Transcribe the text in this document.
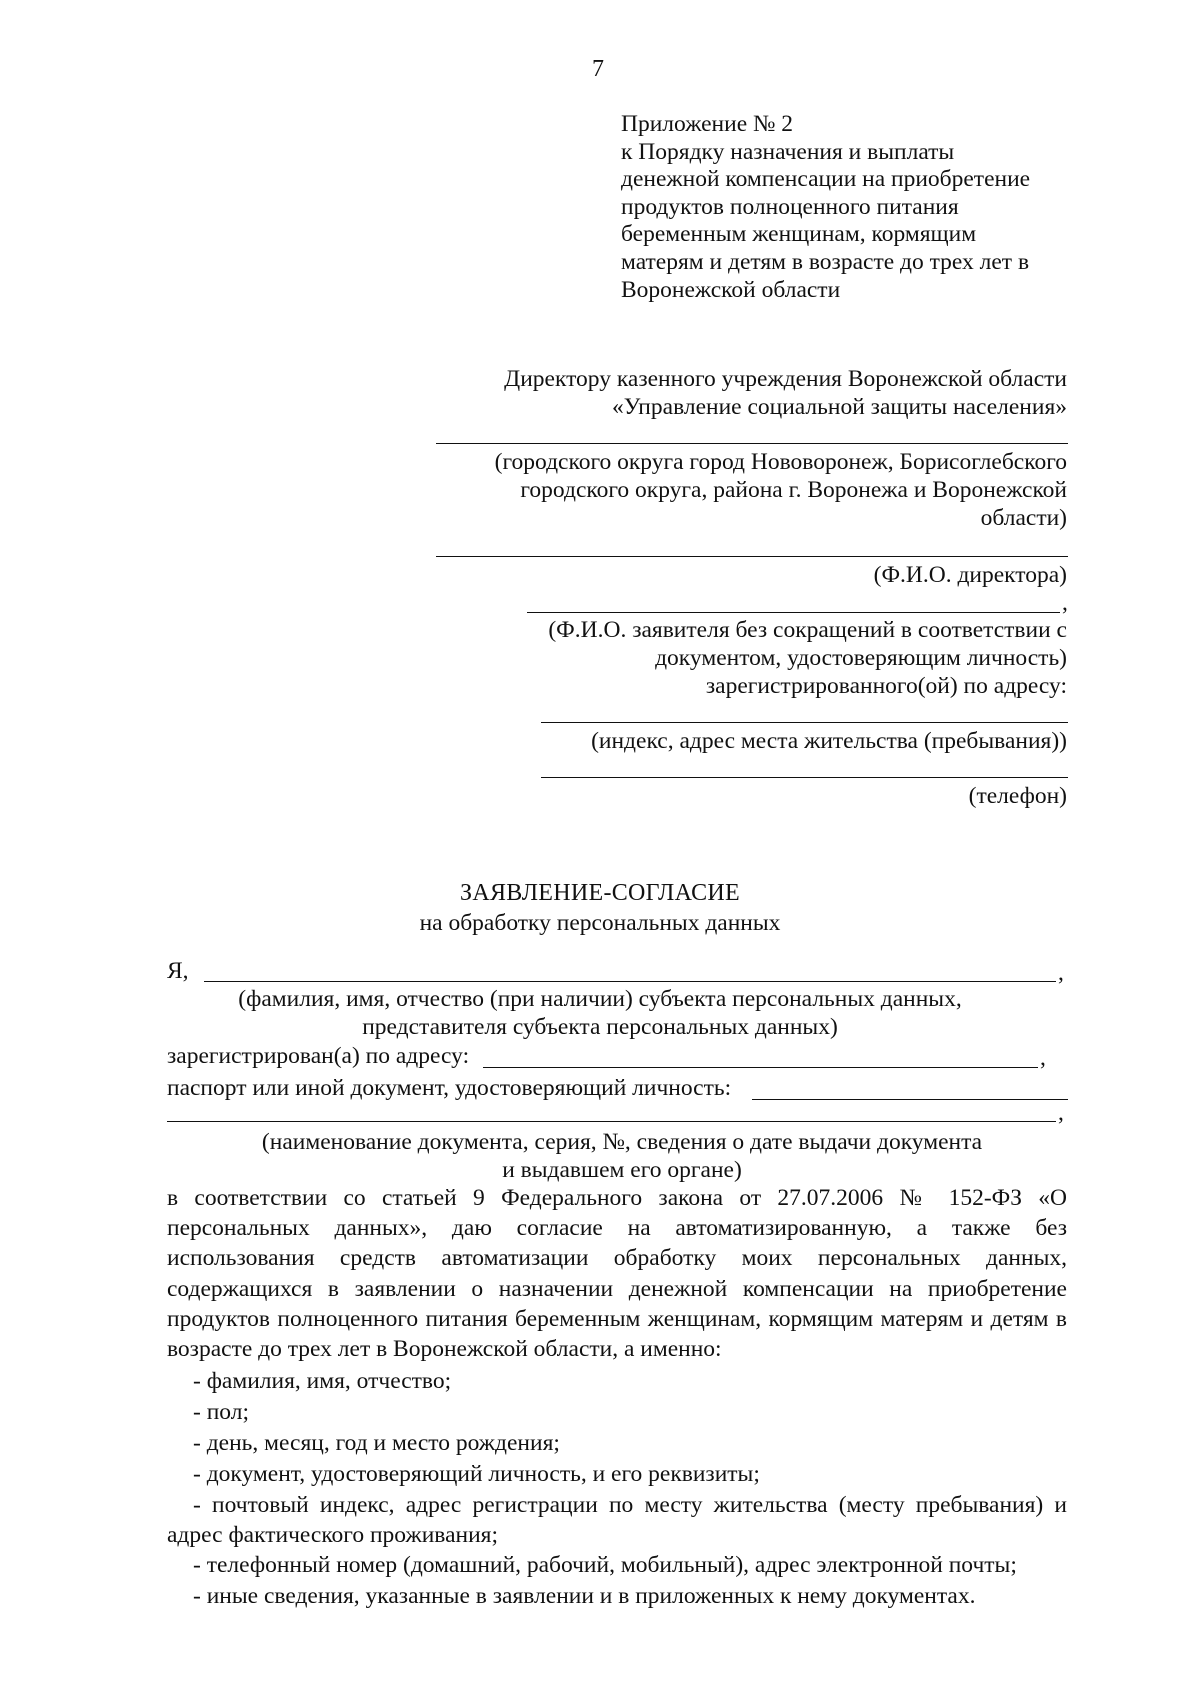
7
Приложение № 2
к Порядку назначения и выплаты
денежной компенсации на приобретение
продуктов полноценного питания
беременным женщинам, кормящим
матерям и детям в возрасте до трех лет в
Воронежской области
Директору казенного учреждения Воронежской области
«Управление социальной защиты населения»
(городского округа город Нововоронеж, Борисоглебского
городского округа, района г. Воронежа и Воронежской
области)
(Ф.И.О. директора)
,
(Ф.И.О. заявителя без сокращений в соответствии с
документом, удостоверяющим личность)
зарегистрированного(ой) по адресу:
(индекс, адрес места жительства (пребывания))
(телефон)
ЗАЯВЛЕНИЕ-СОГЛАСИЕ
на обработку персональных данных
Я,	,
(фамилия, имя, отчество (при наличии) субъекта персональных данных,
представителя субъекта персональных данных)
зарегистрирован(а) по адресу:	,
паспорт или иной документ, удостоверяющий личность:
,
(наименование документа, серия, №, сведения о дате выдачи документа
и выдавшем его органе)

в соответствии со статьей 9 Федерального закона от 27.07.2006 № 152-ФЗ «О персональных данных», даю согласие на автоматизированную, а также без использования средств автоматизации обработку моих персональных данных, содержащихся в заявлении о назначении денежной компенсации на приобретение продуктов полноценного питания беременным женщинам, кормящим матерям и детям в возрасте до трех лет в Воронежской области, а именно:

- фамилия, имя, отчество;
- пол;
- день, месяц, год и место рождения;
- документ, удостоверяющий личность, и его реквизиты;
- почтовый индекс, адрес регистрации по месту жительства (месту пребывания) и адрес фактического проживания;
- телефонный номер (домашний, рабочий, мобильный), адрес электронной почты;
- иные сведения, указанные в заявлении и в приложенных к нему документах.
